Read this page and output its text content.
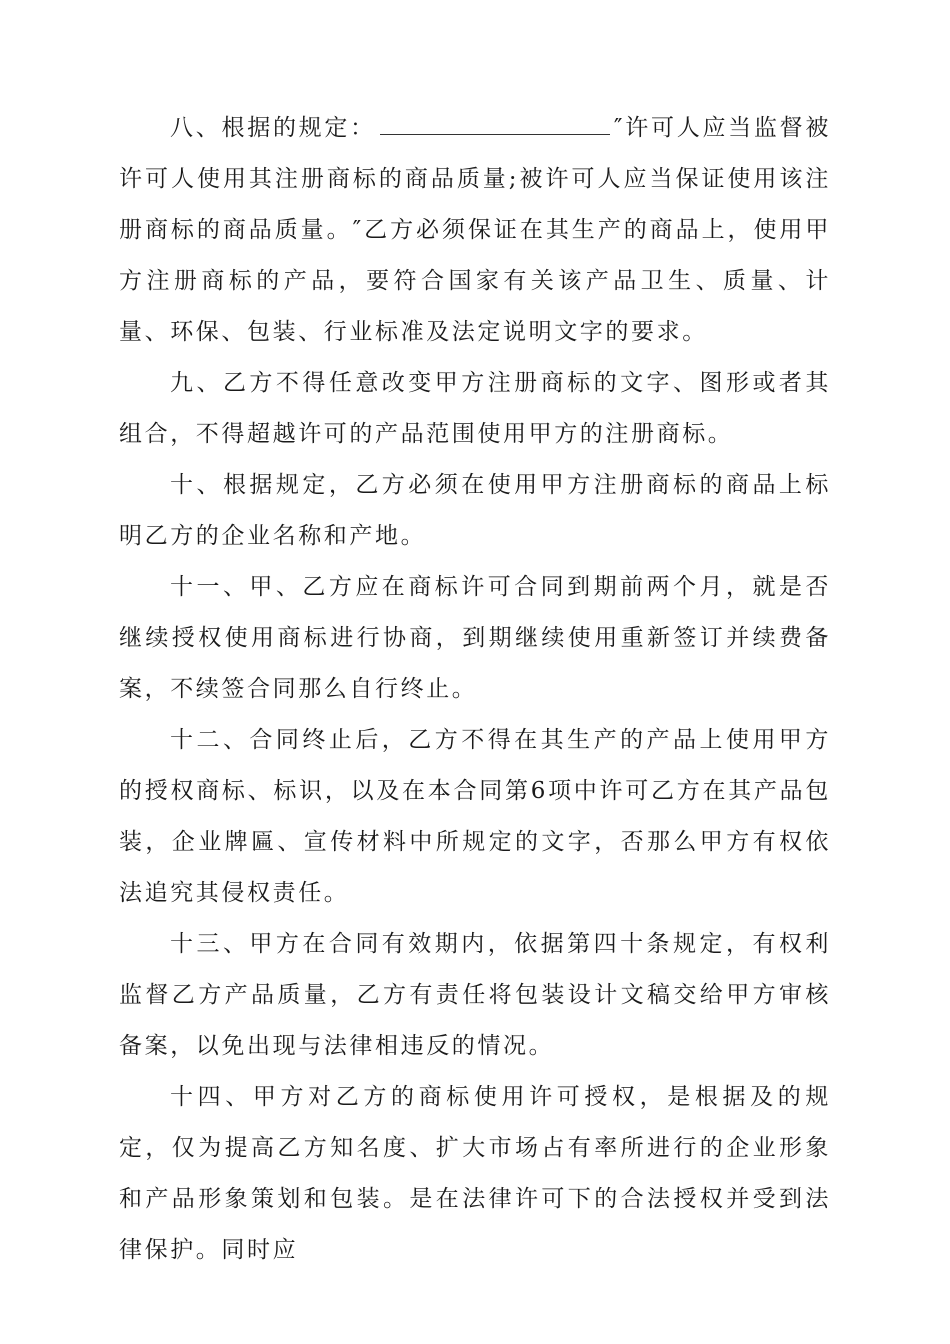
八、根据的规定：	″许可人应当监督被许可人使用其注册商标的商品质量;被许可人应当保证使用该注册商标的商品质量。″乙方必须保证在其生产的商品上，使用甲方注册商标的产品，要符合国家有关该产品卫生、质量、计量、环保、包装、行业标准及法定说明文字的要求。

九、乙方不得任意改变甲方注册商标的文字、图形或者其组合，不得超越许可的产品范围使用甲方的注册商标。

十、根据规定，乙方必须在使用甲方注册商标的商品上标明乙方的企业名称和产地。

十一、甲、乙方应在商标许可合同到期前两个月，就是否继续授权使用商标进行协商，到期继续使用重新签订并续费备案，不续签合同那么自行终止。

十二、合同终止后，乙方不得在其生产的产品上使用甲方的授权商标、标识，以及在本合同第6项中许可乙方在其产品包装，企业牌匾、宣传材料中所规定的文字，否那么甲方有权依法追究其侵权责任。

十三、甲方在合同有效期内，依据第四十条规定，有权利监督乙方产品质量，乙方有责任将包装设计文稿交给甲方审核备案，以免出现与法律相违反的情况。

十四、甲方对乙方的商标使用许可授权，是根据及的规定，仅为提高乙方知名度、扩大市场占有率所进行的企业形象和产品形象策划和包装。是在法律许可下的合法授权并受到法律保护。同时应
